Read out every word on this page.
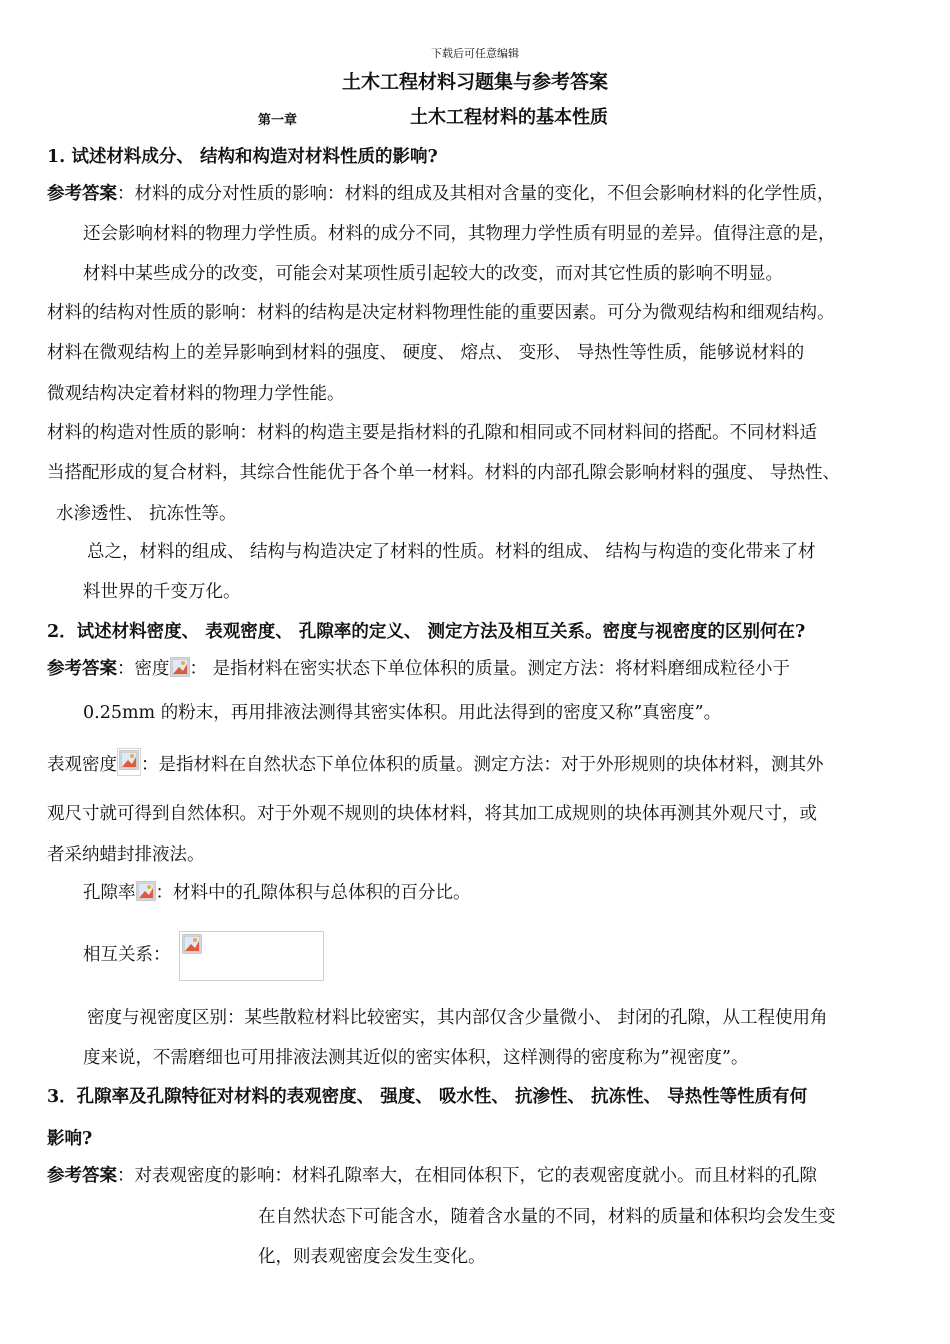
下载后可任意编辑
土木工程材料习题集与参考答案
第一章	土木工程材料的基本性质
1. 试述材料成分、 结构和构造对材料性质的影响?
参考答案：材料的成分对性质的影响：材料的组成及其相对含量的变化，不但会影响材料的化学性质，
还会影响材料的物理力学性质。材料的成分不同，其物理力学性质有明显的差异。值得注意的是，
材料中某些成分的改变，可能会对某项性质引起较大的改变，而对其它性质的影响不明显。
材料的结构对性质的影响：材料的结构是决定材料物理性能的重要因素。可分为微观结构和细观结构。
材料在微观结构上的差异影响到材料的强度、 硬度、 熔点、 变形、 导热性等性质，能够说材料的
微观结构决定着材料的物理力学性能。
材料的构造对性质的影响：材料的构造主要是指材料的孔隙和相同或不同材料间的搭配。不同材料适
当搭配形成的复合材料，其综合性能优于各个单一材料。材料的内部孔隙会影响材料的强度、 导热性、
水渗透性、 抗冻性等。
总之，材料的组成、 结构与构造决定了材料的性质。材料的组成、 结构与构造的变化带来了材
料世界的千变万化。
2．试述材料密度、 表观密度、 孔隙率的定义、 测定方法及相互关系。密度与视密度的区别何在?
参考答案：密度 ： 是指材料在密实状态下单位体积的质量。测定方法：将材料磨细成粒径小于
0.25mm 的粉末，再用排液法测得其密实体积。用此法得到的密度又称”真密度”。
表观密度 ：是指材料在自然状态下单位体积的质量。测定方法：对于外形规则的块体材料，测其外
观尺寸就可得到自然体积。对于外观不规则的块体材料，将其加工成规则的块体再测其外观尺寸，或
者采纳蜡封排液法。
孔隙率 ：材料中的孔隙体积与总体积的百分比。
相互关系：
密度与视密度区别：某些散粒材料比较密实，其内部仅含少量微小、 封闭的孔隙，从工程使用角
度来说，不需磨细也可用排液法测其近似的密实体积，这样测得的密度称为”视密度”。
3．孔隙率及孔隙特征对材料的表观密度、 强度、 吸水性、 抗渗性、 抗冻性、 导热性等性质有何
影响?
参考答案：对表观密度的影响：材料孔隙率大，在相同体积下，它的表观密度就小。而且材料的孔隙
在自然状态下可能含水，随着含水量的不同，材料的质量和体积均会发生变
化，则表观密度会发生变化。
